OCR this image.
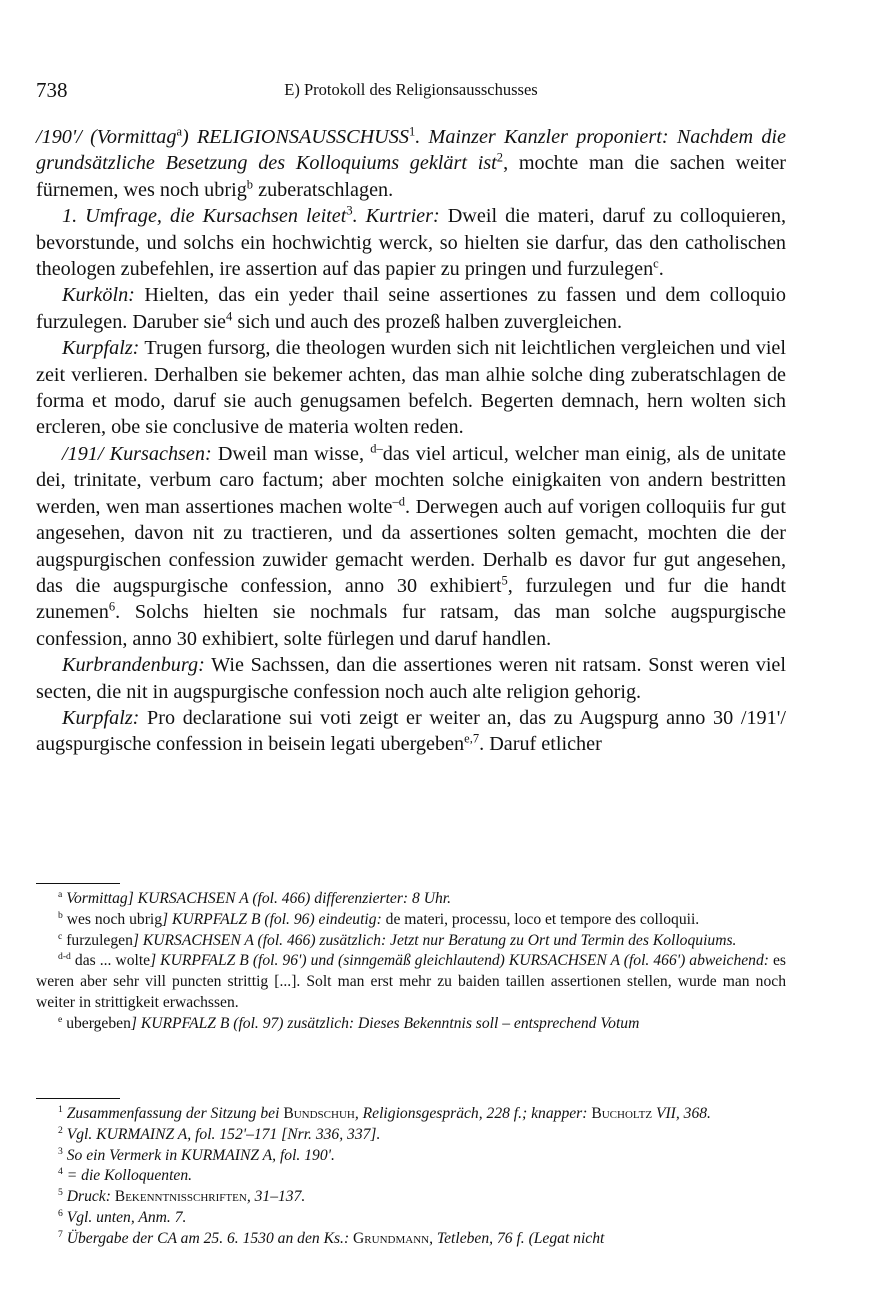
738	E) Protokoll des Religionsausschusses

/190'/ (Vormittag$^a$) RELIGIONSAUSSCHUSS$^1$. Mainzer Kanzler proponiert: Nachdem die grundsätzliche Besetzung des Kolloquiums geklärt ist$^2$, mochte man die sachen weiter fürnemen, wes noch ubrig$^b$ zuberatschlagen.

1. Umfrage, die Kursachsen leitet$^3$. Kurtrier: Dweil die materi, daruf zu colloquieren, bevorstunde, und solchs ein hochwichtig werck, so hielten sie darfur, das den catholischen theologen zubefehlen, ire assertion auf das papier zu pringen und furzulegen$^c$.

Kurköln: Hielten, das ein yeder thail seine assertiones zu fassen und dem colloquio furzulegen. Daruber sie$^4$ sich und auch des prozeß halben zuvergleichen.

Kurpfalz: Trugen fursorg, die theologen wurden sich nit leichtlichen vergleichen und viel zeit verlieren. Derhalben sie bekemer achten, das man alhie solche ding zuberatschlagen de forma et modo, daruf sie auch genugsamen befelch. Begerten demnach, hern wolten sich ercleren, obe sie conclusive de materia wolten reden.

/191/ Kursachsen: Dweil man wisse, $^{d-}$das viel articul, welcher man einig, als de unitate dei, trinitate, verbum caro factum; aber mochten solche einigkaiten von andern bestritten werden, wen man assertiones machen wolte$^{-d}$. Derwegen auch auf vorigen colloquiis fur gut angesehen, davon nit zu tractieren, und da assertiones solten gemacht, mochten die der augspurgischen confession zuwider gemacht werden. Derhalb es davor fur gut angesehen, das die augspurgische confession, anno 30 exhibiert$^5$, furzulegen und fur die handt zunemen$^6$. Solchs hielten sie nochmals fur ratsam, das man solche augspurgische confession, anno 30 exhibiert, solte fürlegen und daruf handlen.

Kurbrandenburg: Wie Sachssen, dan die assertiones weren nit ratsam. Sonst weren viel secten, die nit in augspurgische confession noch auch alte religion gehorig.

Kurpfalz: Pro declaratione sui voti zeigt er weiter an, das zu Augspurg anno 30 /191'/ augspurgische confession in beisein legati ubergeben$^{e,7}$. Daruf etlicher

$^a$ Vormittag] KURSACHSEN A (fol. 466) differenzierter: 8 Uhr.

$^b$ wes noch ubrig] KURPFALZ B (fol. 96) eindeutig: de materi, processu, loco et tempore des colloquii.

$^c$ furzulegen] KURSACHSEN A (fol. 466) zusätzlich: Jetzt nur Beratung zu Ort und Termin des Kolloquiums.

$^{d-d}$ das ... wolte] KURPFALZ B (fol. 96') und (sinngemäß gleichlautend) KURSACHSEN A (fol. 466') abweichend: es weren aber sehr vill puncten strittig [...]. Solt man erst mehr zu baiden taillen assertionen stellen, wurde man noch weiter in strittigkeit erwachssen.

$^e$ ubergeben] KURPFALZ B (fol. 97) zusätzlich: Dieses Bekenntnis soll – entsprechend Votum

$^1$ Zusammenfassung der Sitzung bei Bundschuh, Religionsgespräch, 228 f.; knapper: Bucholtz VII, 368.

$^2$ Vgl. KURMAINZ A, fol. 152'–171 [Nrr. 336, 337].

$^3$ So ein Vermerk in KURMAINZ A, fol. 190'.

$^4$ = die Kolloquenten.

$^5$ Druck: Bekenntnisschriften, 31–137.

$^6$ Vgl. unten, Anm. 7.

$^7$ Übergabe der CA am 25. 6. 1530 an den Ks.: Grundmann, Tetleben, 76 f. (Legat nicht
